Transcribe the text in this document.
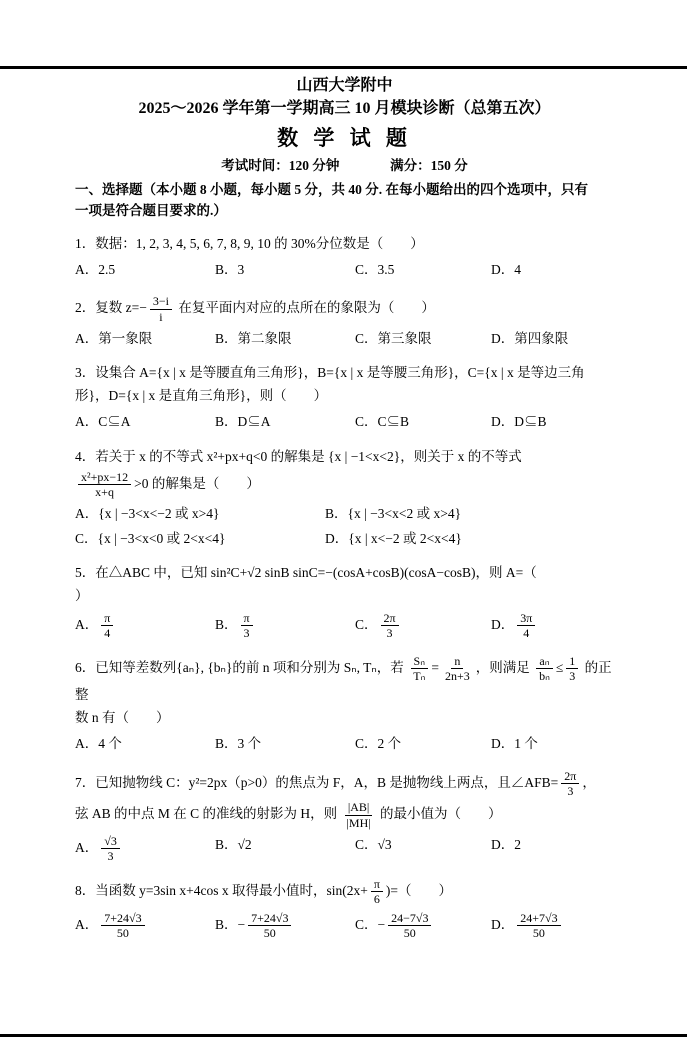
山西大学附中
2025～2026 学年第一学期高三 10 月模块诊断（总第五次）
数 学 试 题
考试时间：120 分钟	满分：150 分
一、选择题（本小题 8 小题，每小题 5 分，共 40 分. 在每小题给出的四个选项中，只有
一项是符合题目要求的.）
1．数据：1, 2, 3, 4, 5, 6, 7, 8, 9, 10 的 30%分位数是（　　）
A．2.5	B．3	C．3.5	D．4
2．复数 $z=- \frac{3-i}{i}$ 在复平面内对应的点所在的象限为（　　）
A．第一象限	B．第二象限	C．第三象限	D．第四象限
3．设集合 A={x | x 是等腰直角三角形}，B={x | x 是等腰三角形}，C={x | x 是等边三角
形}，D={x | x 是直角三角形}，则（　　）
A．C⊆A	B．D⊆A	C．C⊆B	D．D⊆B
4．若关于 x 的不等式 x²+px+q<0 的解集是 {x | −1<x<2}，则关于 x 的不等式
$\frac{\text{x²+px−12}}{x+q} >0$ 的解集是（　　）
A．{x | −3<x<−2 或 x>4}	B．{x | −3<x<2 或 x>4}
C．{x | −3<x<0 或 2<x<4}	D．{x | x<−2 或 2<x<4}
5．在△ABC 中，已知 sin²C+√2 sinB sinC=−(cosA+cosB)(cosA−cosB)，则 A=（
）
A． $\frac{\pi}{4}$	B． $\frac{\pi}{3}$	C． $\frac{2\pi}{3}$	D． $\frac{3\pi}{4}$
6．已知等差数列{aₙ}, {bₙ}的前 n 项和分别为 Sₙ, Tₙ，若 $\frac{\text{Sₙ}}{\text{Tₙ}} = \frac{n}{2n+3}$ ，则满足 $\frac{\text{aₙ}}{\text{bₙ}} \le \frac{1}{3}$ 的正整
数 n 有（　　）
A．4 个	B．3 个	C．2 个	D．1 个
7．已知抛物线 C：y²=2px（p>0）的焦点为 F，A，B 是抛物线上两点，且∠AFB= $\frac{2\pi}{3}$ ，
弦 AB 的中点 M 在 C 的准线的射影为 H，则 $\frac{|AB|}{|MH|}$ 的最小值为（　　）
A． $\frac{√3}{3}$	B．√2	C．√3	D．2
8．当函数 y=3sin x+4cos x 取得最小值时，$\sin(2x+ \frac{\pi}{6}$ )=（　　）
A． $\frac{7+24√3}{50}$	B．− $\frac{7+24√3}{50}$	C．− $\frac{24-7√3}{50}$	D． $\frac{24+7√3}{50}$
